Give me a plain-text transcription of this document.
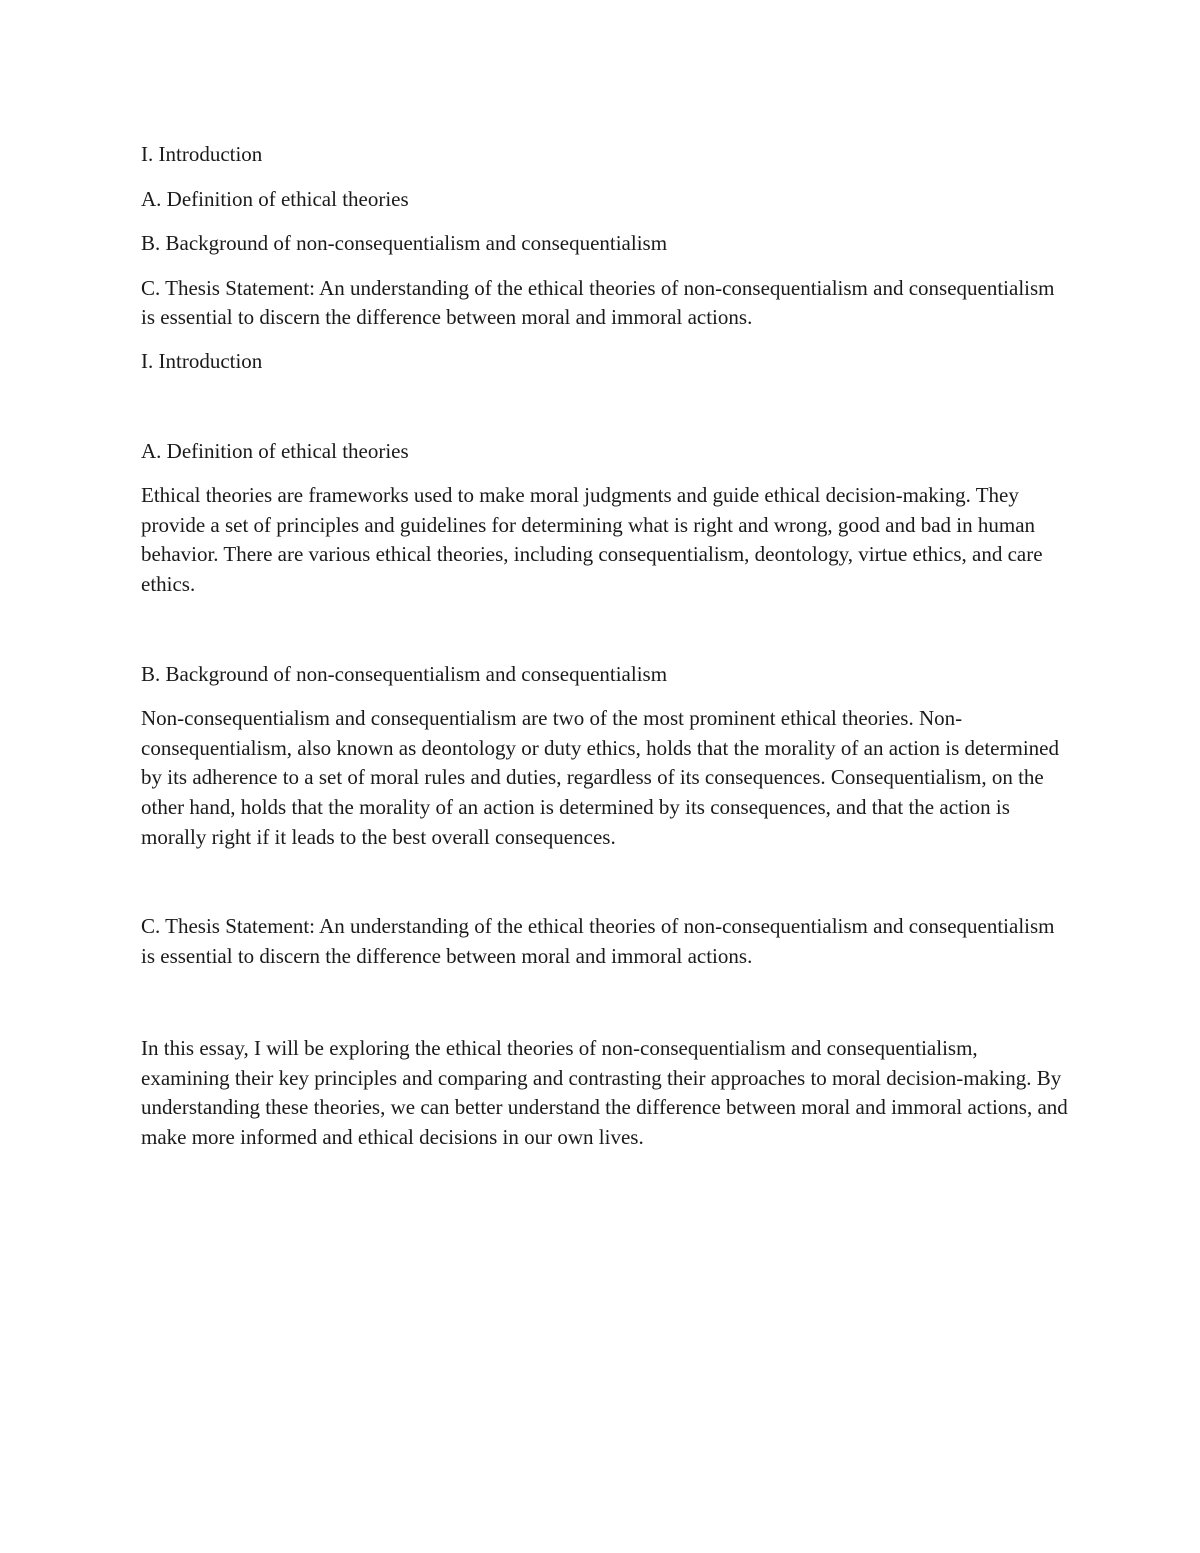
I. Introduction

A. Definition of ethical theories

B. Background of non-consequentialism and consequentialism

C. Thesis Statement: An understanding of the ethical theories of non-consequentialism and consequentialism is essential to discern the difference between moral and immoral actions.

I. Introduction

A. Definition of ethical theories

Ethical theories are frameworks used to make moral judgments and guide ethical decision-making. They provide a set of principles and guidelines for determining what is right and wrong, good and bad in human behavior. There are various ethical theories, including consequentialism, deontology, virtue ethics, and care ethics.

B. Background of non-consequentialism and consequentialism

Non-consequentialism and consequentialism are two of the most prominent ethical theories. Non-consequentialism, also known as deontology or duty ethics, holds that the morality of an action is determined by its adherence to a set of moral rules and duties, regardless of its consequences. Consequentialism, on the other hand, holds that the morality of an action is determined by its consequences, and that the action is morally right if it leads to the best overall consequences.

C. Thesis Statement: An understanding of the ethical theories of non-consequentialism and consequentialism is essential to discern the difference between moral and immoral actions.

In this essay, I will be exploring the ethical theories of non-consequentialism and consequentialism, examining their key principles and comparing and contrasting their approaches to moral decision-making. By understanding these theories, we can better understand the difference between moral and immoral actions, and make more informed and ethical decisions in our own lives.
